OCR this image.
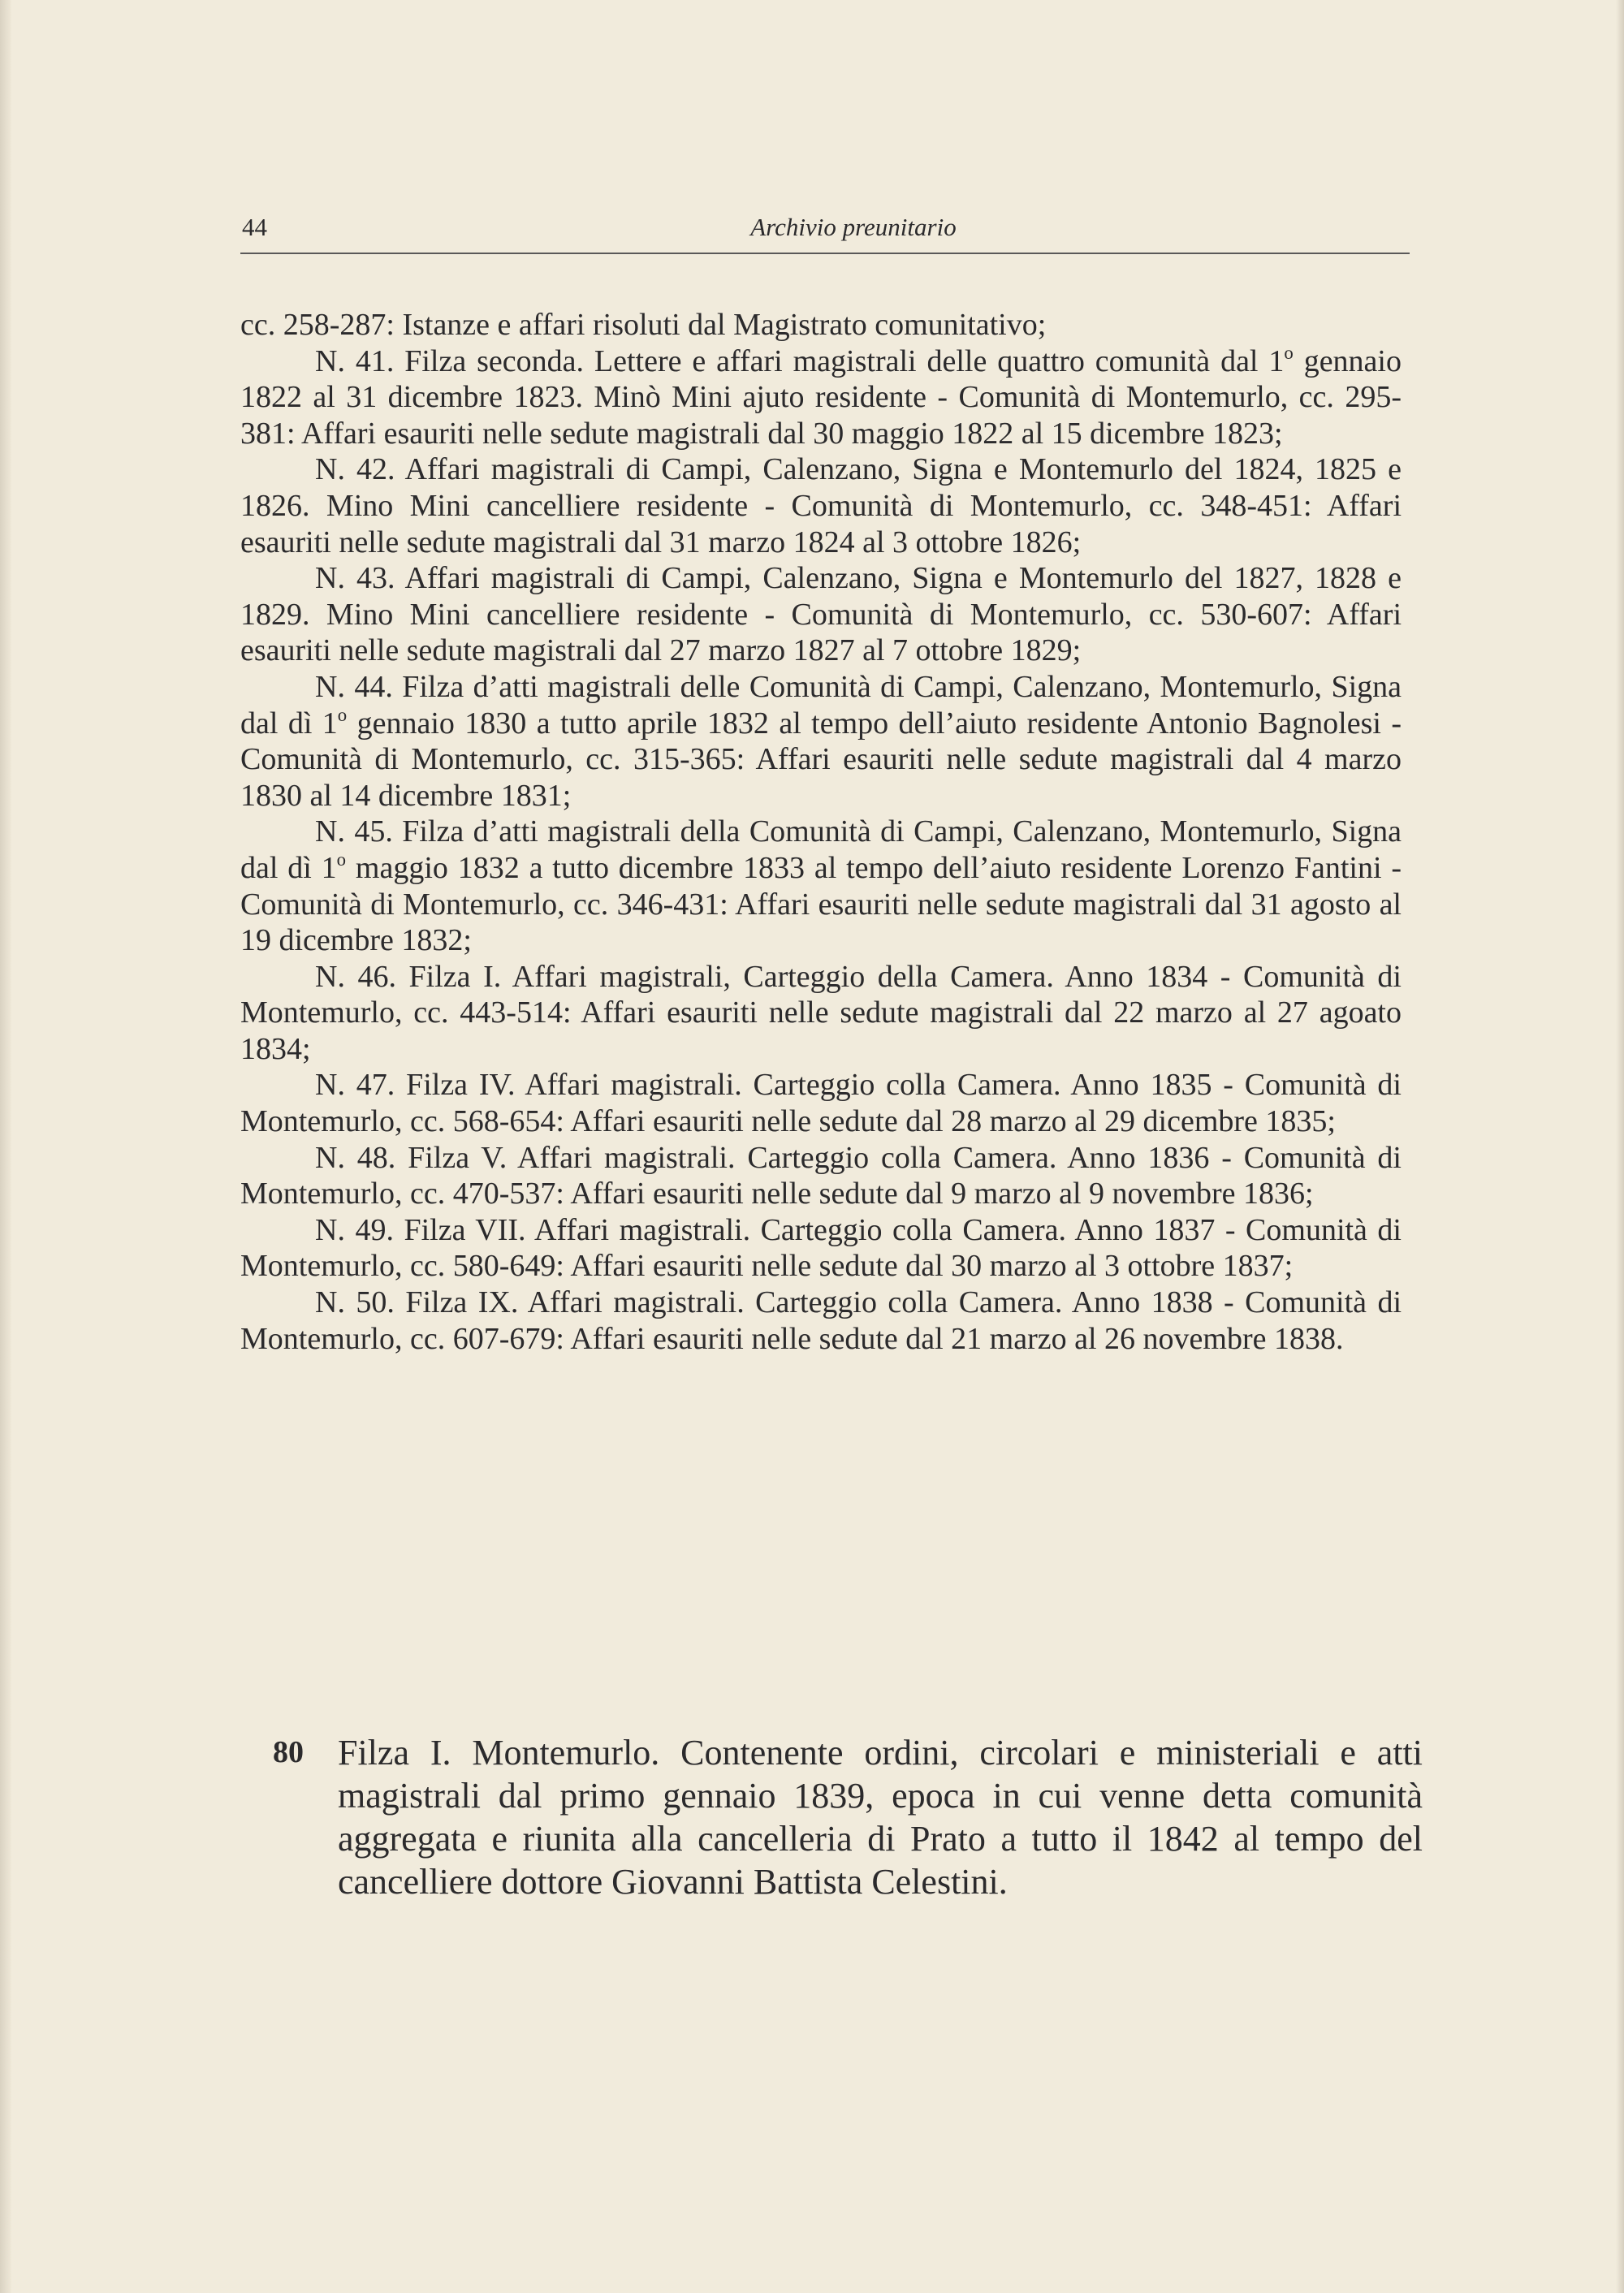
44	Archivio preunitario

cc. 258-287: Istanze e affari risoluti dal Magistrato comunitativo;

N. 41. Filza seconda. Lettere e affari magistrali delle quattro comunità dal 1$^o$ gennaio 1822 al 31 dicembre 1823. Minò Mini ajuto residente - Comunità di Montemurlo, cc. 295-381: Affari esauriti nelle sedute magistrali dal 30 maggio 1822 al 15 dicembre 1823;

N. 42. Affari magistrali di Campi, Calenzano, Signa e Montemurlo del 1824, 1825 e 1826. Mino Mini cancelliere residente - Comunità di Montemurlo, cc. 348-451: Affari esauriti nelle sedute magistrali dal 31 marzo 1824 al 3 ottobre 1826;

N. 43. Affari magistrali di Campi, Calenzano, Signa e Montemurlo del 1827, 1828 e 1829. Mino Mini cancelliere residente - Comunità di Montemurlo, cc. 530-607: Affari esauriti nelle sedute magistrali dal 27 marzo 1827 al 7 ottobre 1829;

N. 44. Filza d’atti magistrali delle Comunità di Campi, Calenzano, Montemurlo, Signa dal dì 1$^o$ gennaio 1830 a tutto aprile 1832 al tempo dell’aiuto residente Antonio Bagnolesi - Comunità di Montemurlo, cc. 315-365: Affari esauriti nelle sedute magistrali dal 4 marzo 1830 al 14 dicembre 1831;

N. 45. Filza d’atti magistrali della Comunità di Campi, Calenzano, Montemurlo, Signa dal dì 1$^o$ maggio 1832 a tutto dicembre 1833 al tempo dell’aiuto residente Lorenzo Fantini - Comunità di Montemurlo, cc. 346-431: Affari esauriti nelle sedute magistrali dal 31 agosto al 19 dicembre 1832;

N. 46. Filza I. Affari magistrali, Carteggio della Camera. Anno 1834 - Comunità di Montemurlo, cc. 443-514: Affari esauriti nelle sedute magistrali dal 22 marzo al 27 agoato 1834;

N. 47. Filza IV. Affari magistrali. Carteggio colla Camera. Anno 1835 - Comunità di Montemurlo, cc. 568-654: Affari esauriti nelle sedute dal 28 marzo al 29 dicembre 1835;

N. 48. Filza V. Affari magistrali. Carteggio colla Camera. Anno 1836 - Comunità di Montemurlo, cc. 470-537: Affari esauriti nelle sedute dal 9 marzo al 9 novembre 1836;

N. 49. Filza VII. Affari magistrali. Carteggio colla Camera. Anno 1837 - Comunità di Montemurlo, cc. 580-649: Affari esauriti nelle sedute dal 30 marzo al 3 ottobre 1837;

N. 50. Filza IX. Affari magistrali. Carteggio colla Camera. Anno 1838 - Comunità di Montemurlo, cc. 607-679: Affari esauriti nelle sedute dal 21 marzo al 26 novembre 1838.

80 Filza I. Montemurlo. Contenente ordini, circolari e ministeriali e atti magistrali dal primo gennaio 1839, epoca in cui venne detta comunità aggregata e riunita alla cancelleria di Prato a tutto il 1842 al tempo del cancelliere dottore Giovanni Battista Celestini.
